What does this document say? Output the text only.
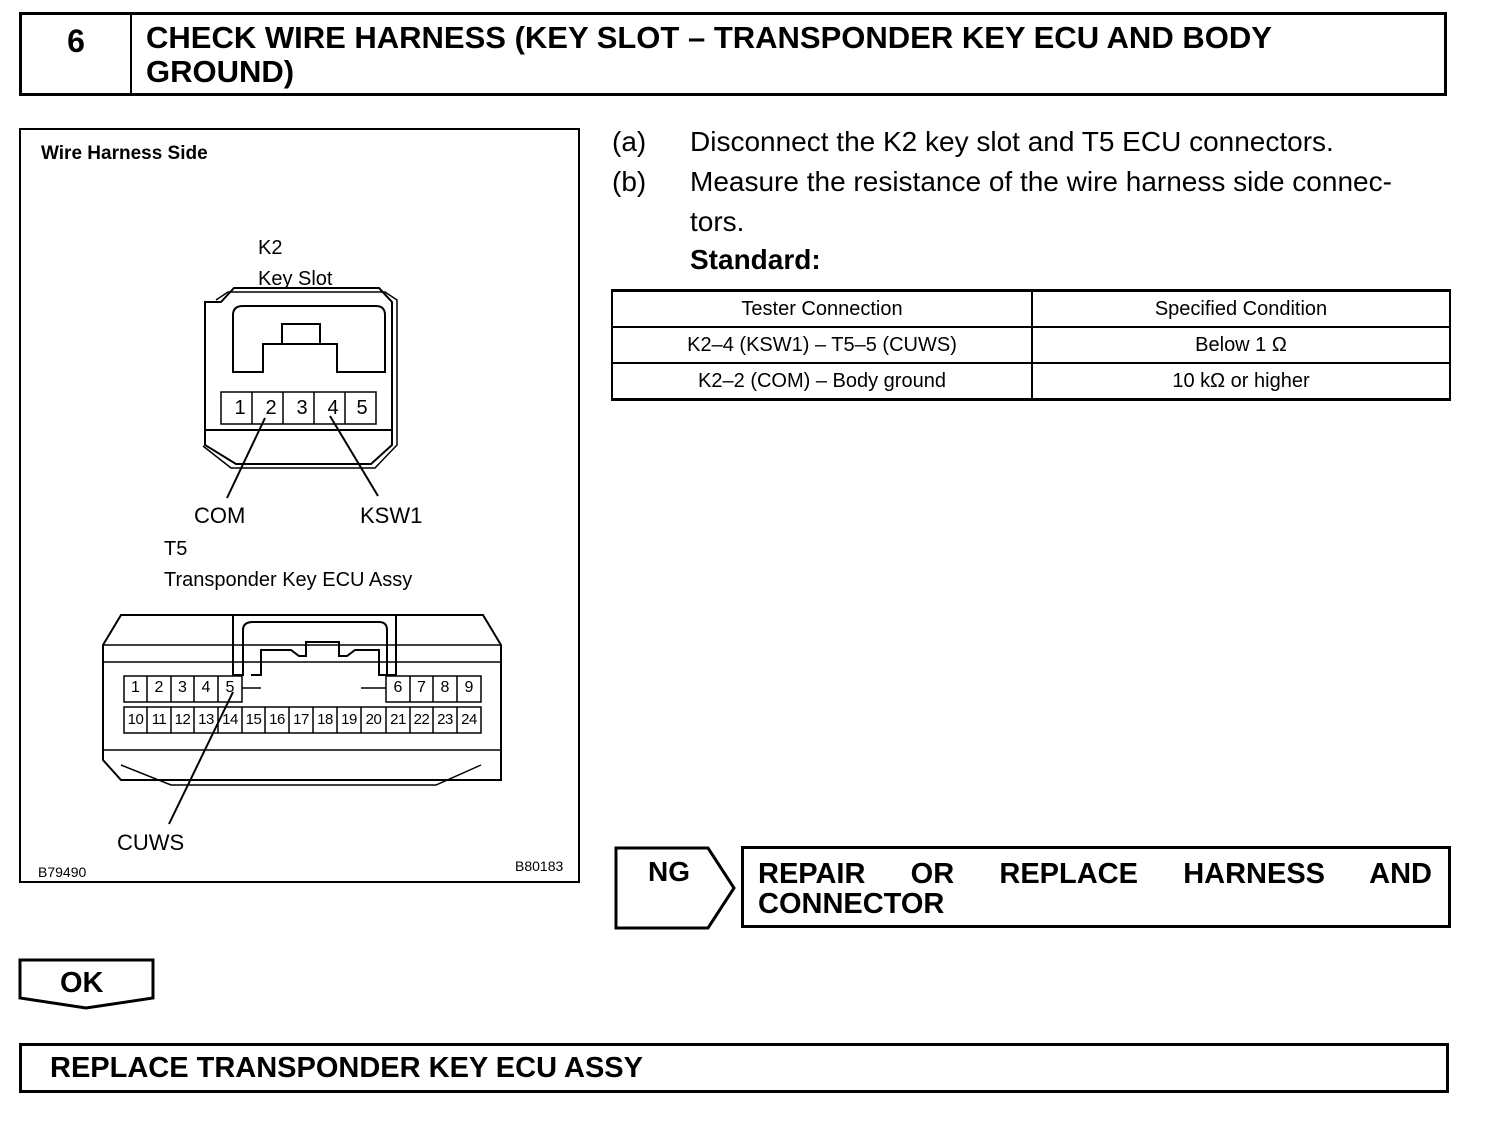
6	CHECK WIRE HARNESS (KEY SLOT – TRANSPONDER KEY ECU AND BODY GROUND)
Wire Harness Side
K2
Key Slot
1 2 3 4 5
COM	KSW1
T5
Transponder Key ECU Assy
1 2 3 4 5	6 7 8 9
10 11 12 13 14 15 16 17 18 19 20 21 22 23 24
CUWS
B79490	B80183
(a) Disconnect the K2 key slot and T5 ECU connectors.
(b) Measure the resistance of the wire harness side connec-
tors.
Standard:
Tester Connection	Specified Condition
K2–4 (KSW1) – T5–5 (CUWS)	Below 1 Ω
K2–2 (COM) – Body ground	10 kΩ or higher
NG REPAIR OR REPLACE HARNESS AND
CONNECTOR
OK
REPLACE TRANSPONDER KEY ECU ASSY
